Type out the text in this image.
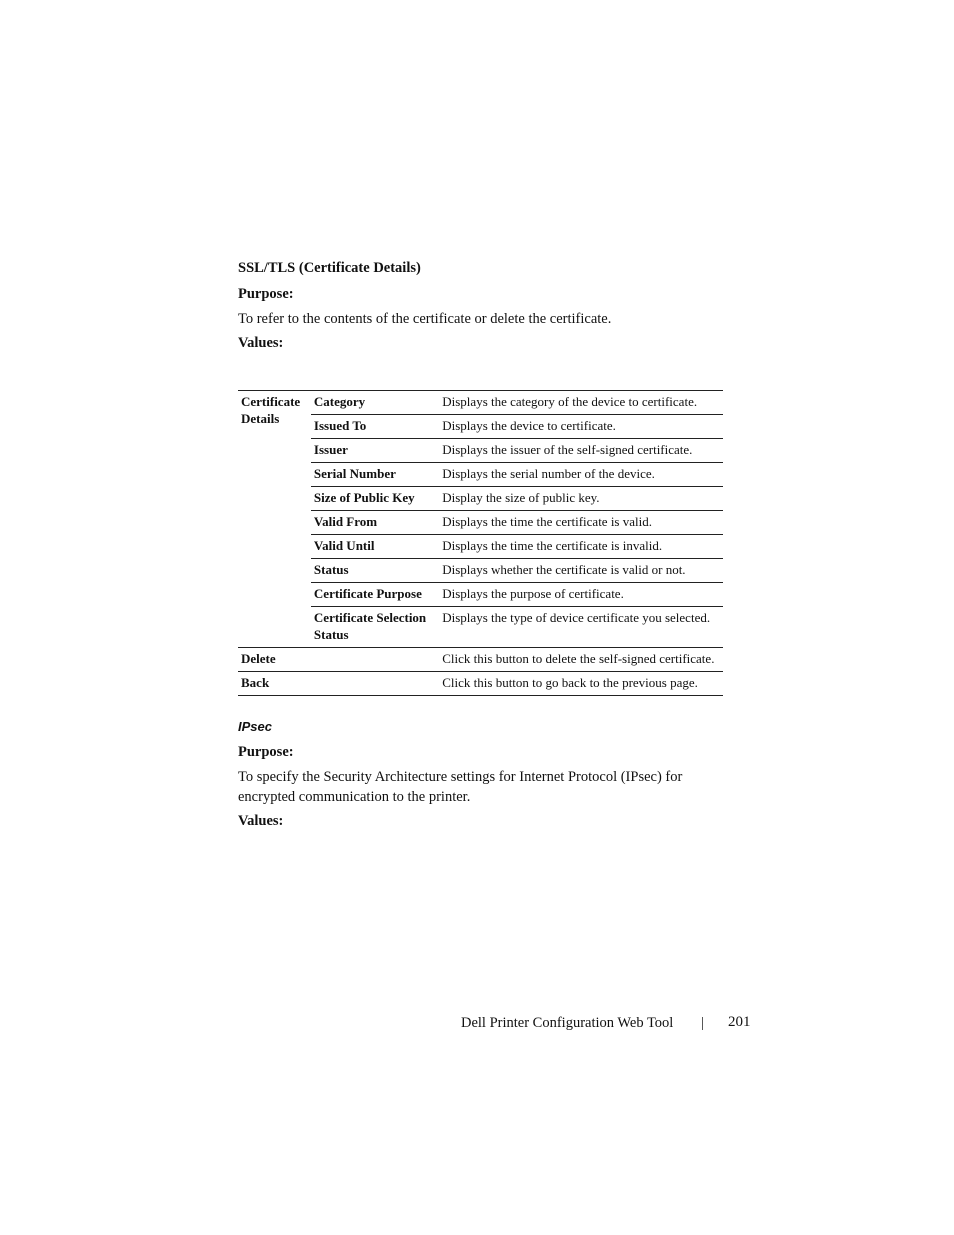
SSL/TLS (Certificate Details)
Purpose:
To refer to the contents of the certificate or delete the certificate.
Values:
Certificate Details	Category	Displays the category of the device to certificate.
	Issued To	Displays the device to certificate.
	Issuer	Displays the issuer of the self-signed certificate.
	Serial Number	Displays the serial number of the device.
	Size of Public Key	Display the size of public key.
	Valid From	Displays the time the certificate is valid.
	Valid Until	Displays the time the certificate is invalid.
	Status	Displays whether the certificate is valid or not.
	Certificate Purpose	Displays the purpose of certificate.
	Certificate Selection Status	Displays the type of device certificate you selected.
Delete		Click this button to delete the self-signed certificate.
Back		Click this button to go back to the previous page.
IPsec
Purpose:
To specify the Security Architecture settings for Internet Protocol (IPsec) for encrypted communication to the printer.
Values:
Dell Printer Configuration Web Tool | 201
